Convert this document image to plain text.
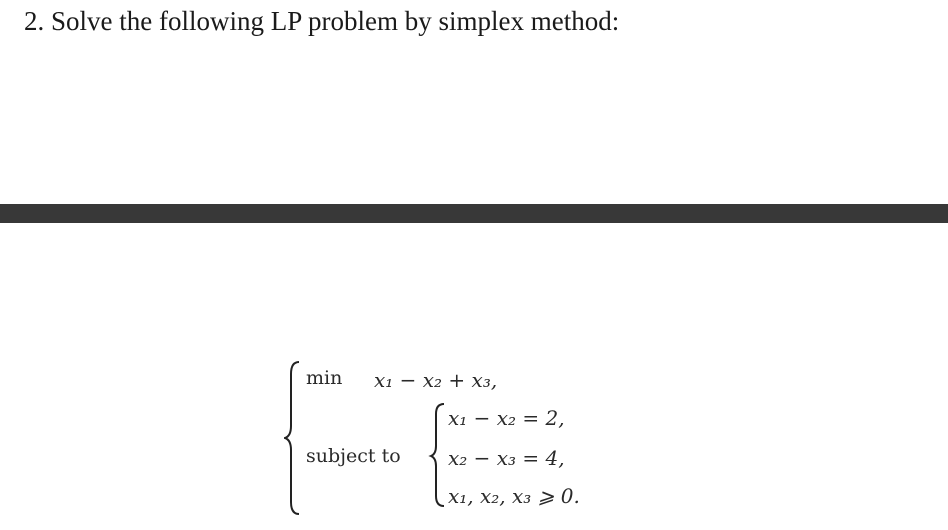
2. Solve the following LP problem by simplex method:
min x₁ − x₂ + x₃,
subject to
x₁ − x₂ = 2,
x₂ − x₃ = 4,
x₁, x₂, x₃ ⩾ 0.
